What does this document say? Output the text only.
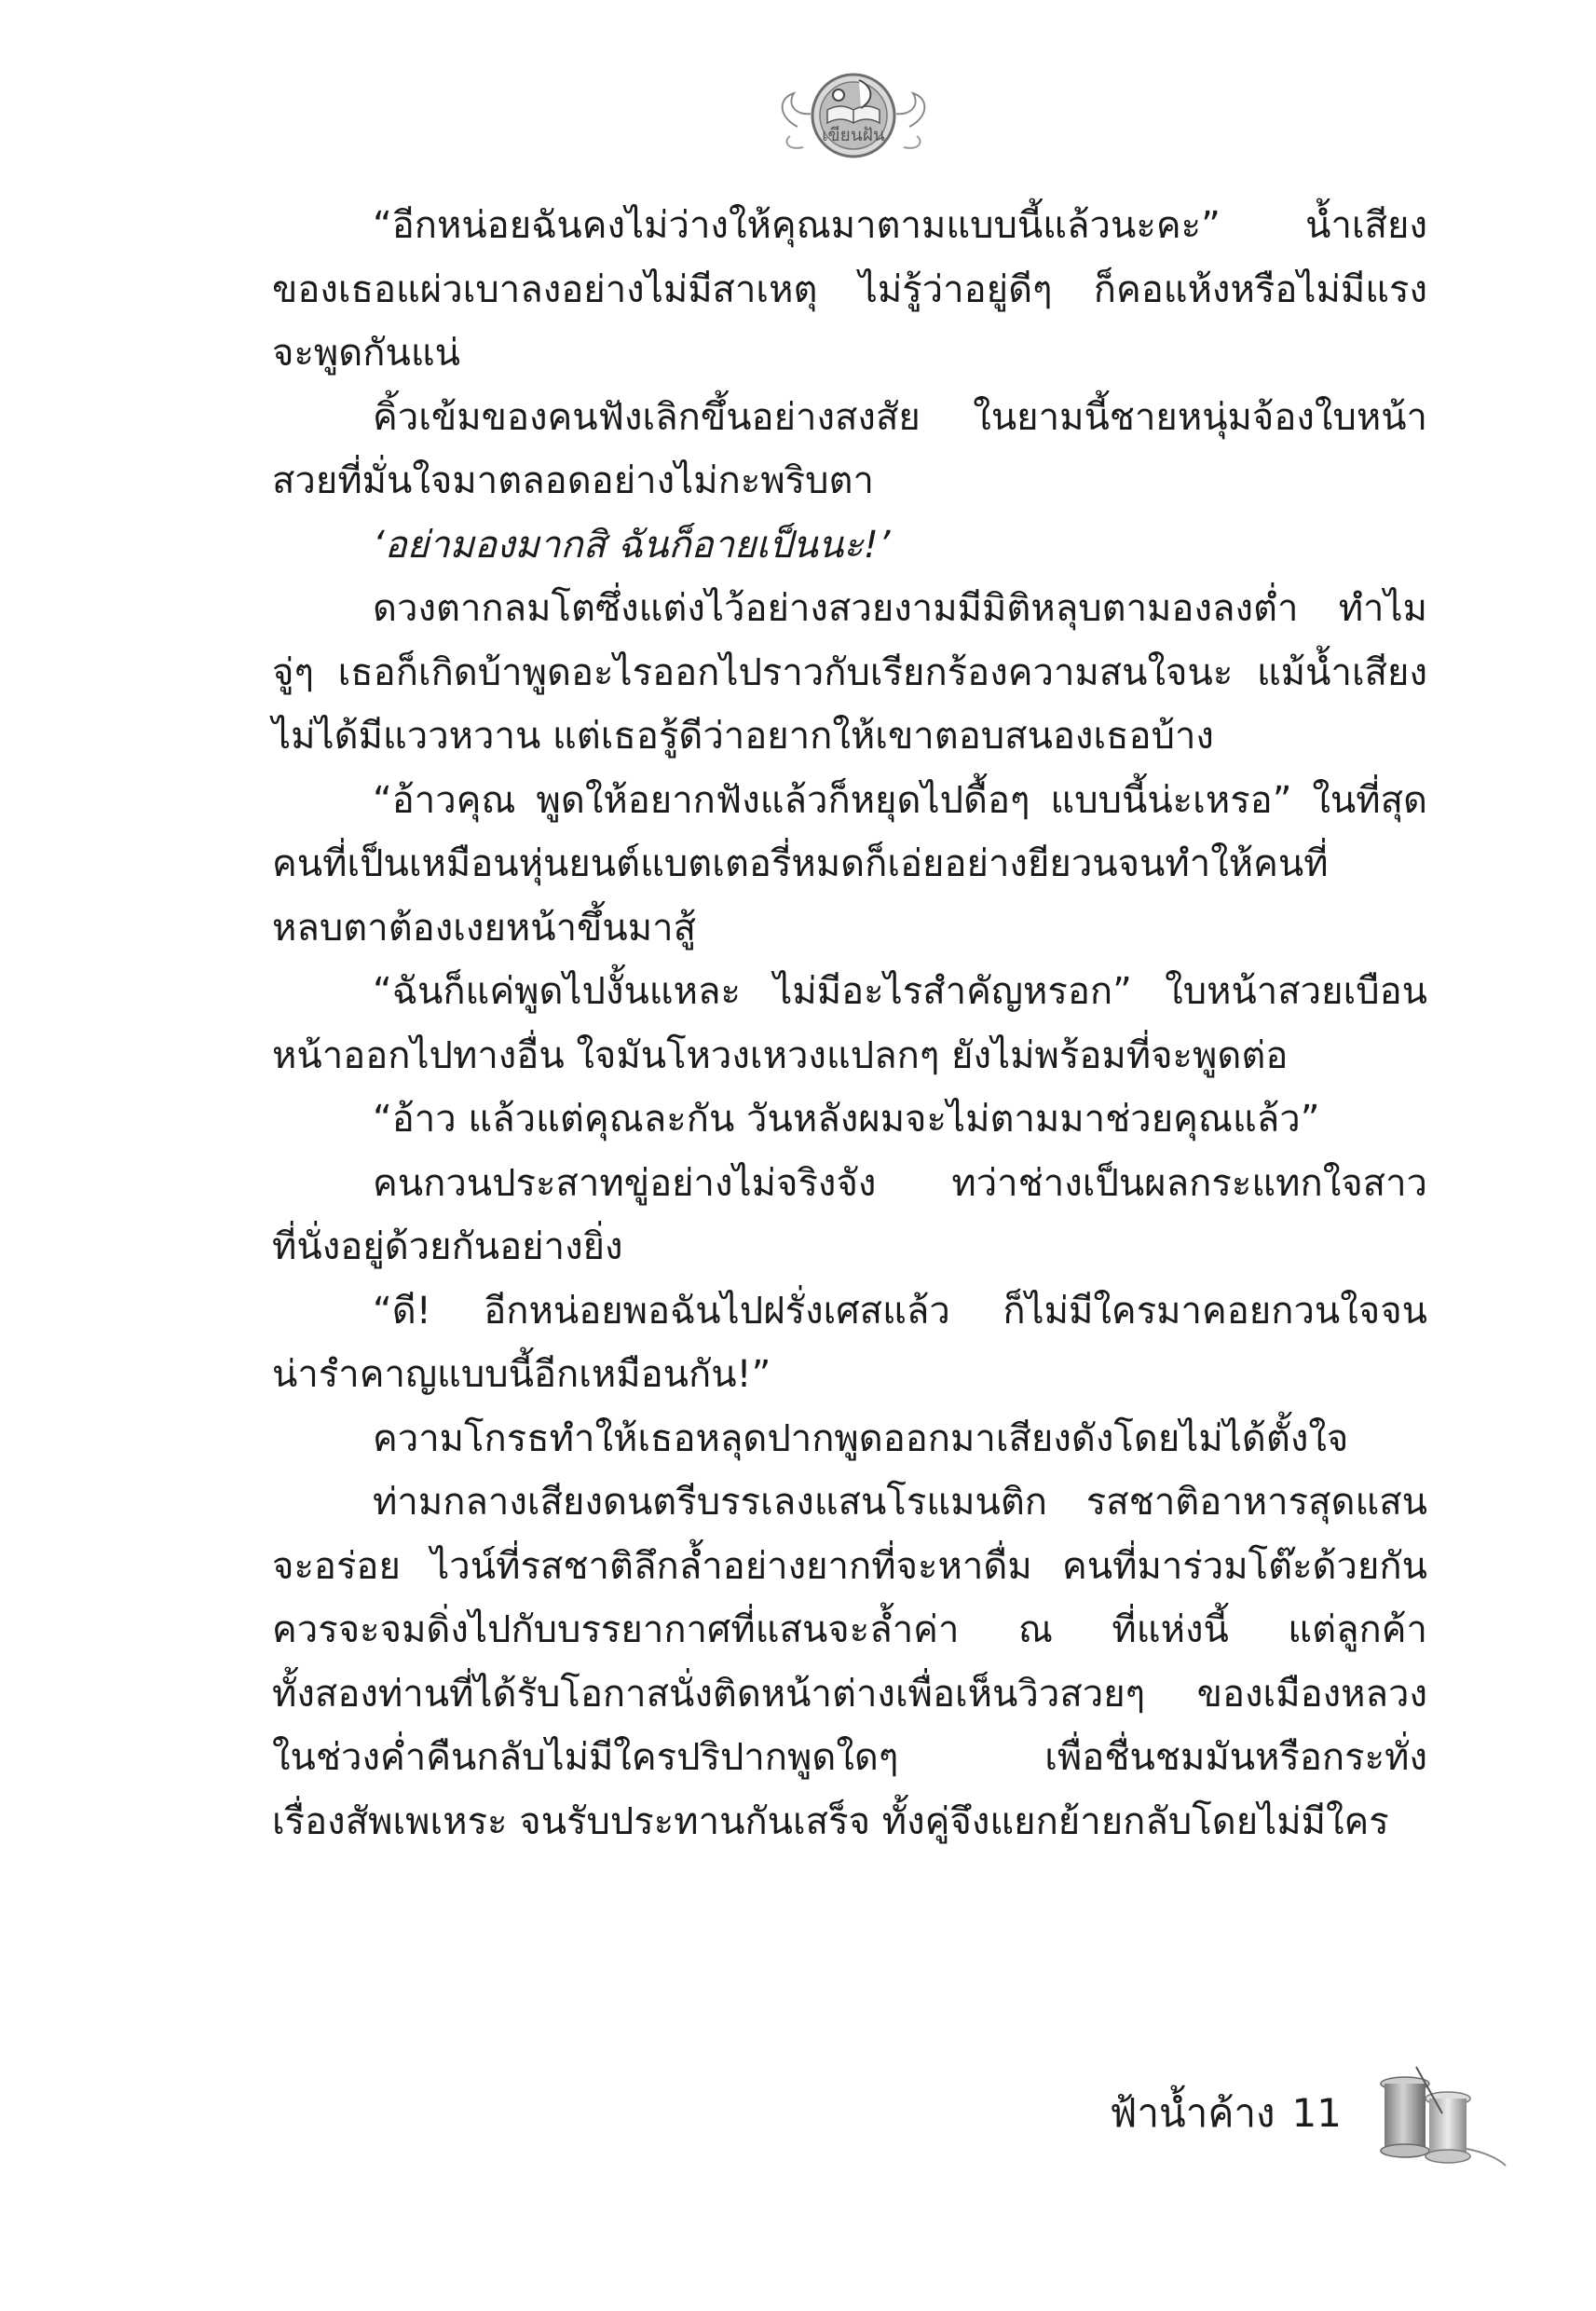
เขียนฝัน
“อีกหน่อยฉันคงไม่ว่างให้คุณมาตามแบบนี้แล้วนะคะ” น้ำเสียง
ของเธอแผ่วเบาลงอย่างไม่มีสาเหตุ ไม่รู้ว่าอยู่ดีๆ ก็คอแห้งหรือไม่มีแรง
จะพูดกันแน่
คิ้วเข้มของคนฟังเลิกขึ้นอย่างสงสัย ในยามนี้ชายหนุ่มจ้องใบหน้า
สวยที่มั่นใจมาตลอดอย่างไม่กะพริบตา
‘อย่ามองมากสิ ฉันก็อายเป็นนะ!’
ดวงตากลมโตซึ่งแต่งไว้อย่างสวยงามมีมิติหลุบตามองลงต่ำ ทำไม
จู่ๆ เธอก็เกิดบ้าพูดอะไรออกไปราวกับเรียกร้องความสนใจนะ แม้น้ำเสียง
ไม่ได้มีแววหวาน แต่เธอรู้ดีว่าอยากให้เขาตอบสนองเธอบ้าง
“อ้าวคุณ พูดให้อยากฟังแล้วก็หยุดไปดื้อๆ แบบนี้น่ะเหรอ” ในที่สุด
คนที่เป็นเหมือนหุ่นยนต์แบตเตอรี่หมดก็เอ่ยอย่างยียวนจนทำให้คนที่
หลบตาต้องเงยหน้าขึ้นมาสู้
“ฉันก็แค่พูดไปงั้นแหละ ไม่มีอะไรสำคัญหรอก” ใบหน้าสวยเบือน
หน้าออกไปทางอื่น ใจมันโหวงเหวงแปลกๆ ยังไม่พร้อมที่จะพูดต่อ
“อ้าว แล้วแต่คุณละกัน วันหลังผมจะไม่ตามมาช่วยคุณแล้ว”
คนกวนประสาทขู่อย่างไม่จริงจัง ทว่าช่างเป็นผลกระแทกใจสาว
ที่นั่งอยู่ด้วยกันอย่างยิ่ง
“ดี! อีกหน่อยพอฉันไปฝรั่งเศสแล้ว ก็ไม่มีใครมาคอยกวนใจจน
น่ารำคาญแบบนี้อีกเหมือนกัน!”
ความโกรธทำให้เธอหลุดปากพูดออกมาเสียงดังโดยไม่ได้ตั้งใจ
ท่ามกลางเสียงดนตรีบรรเลงแสนโรแมนติก รสชาติอาหารสุดแสน
จะอร่อย ไวน์ที่รสชาติลึกล้ำอย่างยากที่จะหาดื่ม คนที่มาร่วมโต๊ะด้วยกัน
ควรจะจมดิ่งไปกับบรรยากาศที่แสนจะล้ำค่า ณ ที่แห่งนี้ แต่ลูกค้า
ทั้งสองท่านที่ได้รับโอกาสนั่งติดหน้าต่างเพื่อเห็นวิวสวยๆ ของเมืองหลวง
ในช่วงค่ำคืนกลับไม่มีใครปริปากพูดใดๆ เพื่อชื่นชมมันหรือกระทั่ง
เรื่องสัพเพเหระ จนรับประทานกันเสร็จ ทั้งคู่จึงแยกย้ายกลับโดยไม่มีใคร
ฟ้าน้ำค้าง 11
